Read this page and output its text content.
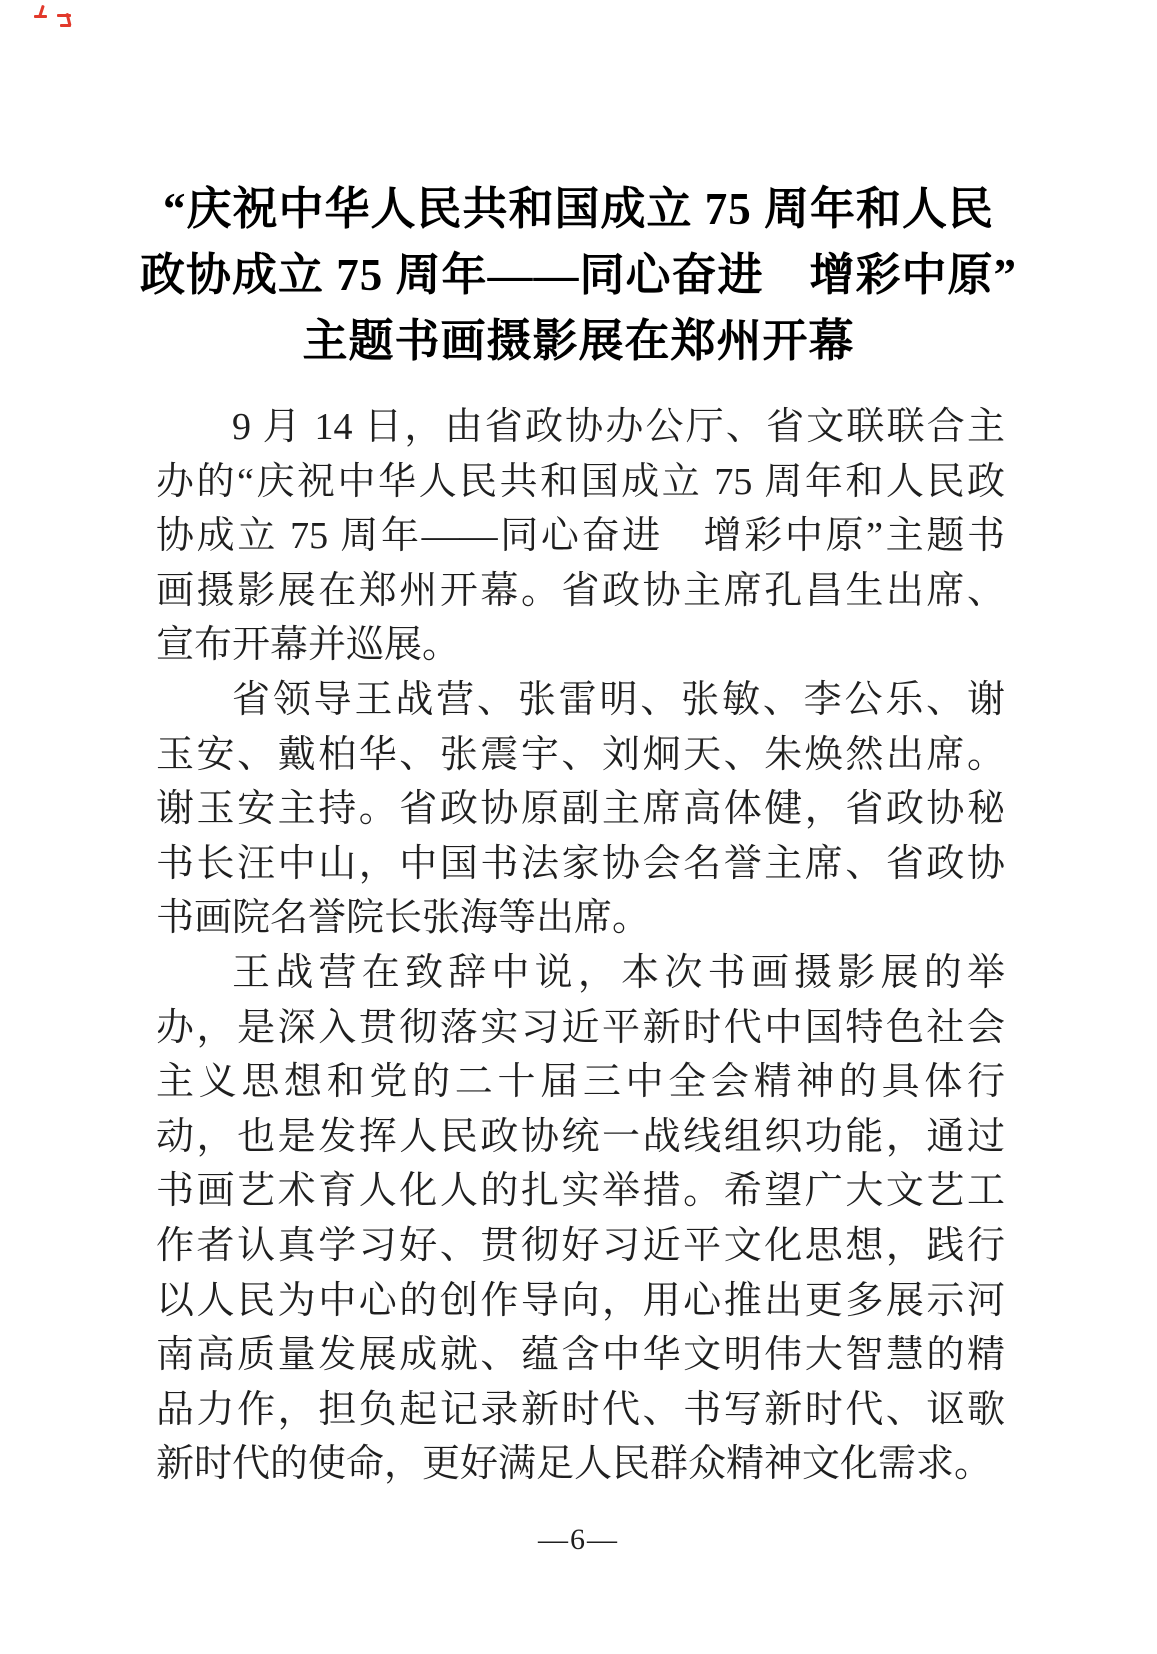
“庆祝中华人民共和国成立 75 周年和人民
政协成立 75 周年——同心奋进　增彩中原”
主题书画摄影展在郑州开幕
9 月 14 日，由省政协办公厅、省文联联合主
办的“庆祝中华人民共和国成立 75 周年和人民政
协成立 75 周年——同心奋进　增彩中原”主题书
画摄影展在郑州开幕。省政协主席孔昌生出席、
宣布开幕并巡展。
省领导王战营、张雷明、张敏、李公乐、谢
玉安、戴柏华、张震宇、刘炯天、朱焕然出席。
谢玉安主持。省政协原副主席高体健，省政协秘
书长汪中山，中国书法家协会名誉主席、省政协
书画院名誉院长张海等出席。
王战营在致辞中说，本次书画摄影展的举
办，是深入贯彻落实习近平新时代中国特色社会
主义思想和党的二十届三中全会精神的具体行
动，也是发挥人民政协统一战线组织功能，通过
书画艺术育人化人的扎实举措。希望广大文艺工
作者认真学习好、贯彻好习近平文化思想，践行
以人民为中心的创作导向，用心推出更多展示河
南高质量发展成就、蕴含中华文明伟大智慧的精
品力作，担负起记录新时代、书写新时代、讴歌
新时代的使命，更好满足人民群众精神文化需求。
—6—
